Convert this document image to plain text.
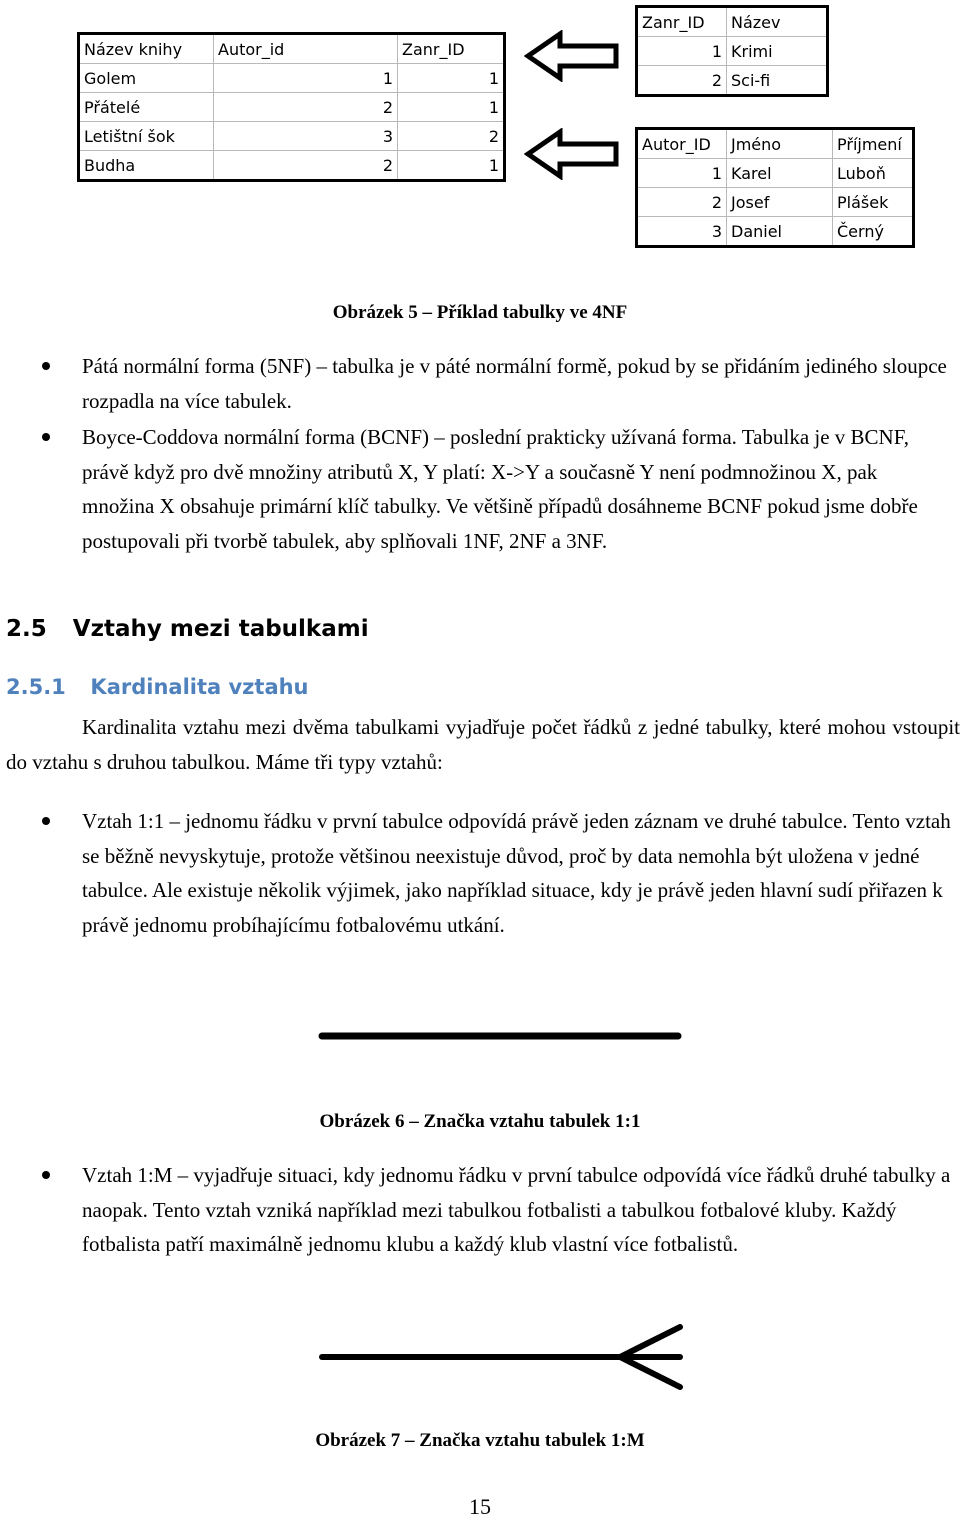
Název knihy	Autor_id	Zanr_ID
Golem	1	1
Přátelé	2	1
Letištní šok	3	2
Budha	2	1
Zanr_ID	Název
1	Krimi
2	Sci-fi
Autor_ID	Jméno	Příjmení
1	Karel	Luboň
2	Josef	Plášek
3	Daniel	Černý
Obrázek 5 – Příklad tabulky ve 4NF
Pátá normální forma (5NF) – tabulka je v páté normální formě, pokud by se přidáním jediného sloupce rozpadla na více tabulek.
Boyce-Coddova normální forma (BCNF) – poslední prakticky užívaná forma. Tabulka je v BCNF, právě když pro dvě množiny atributů X, Y platí: X->Y a současně Y není podmnožinou X, pak množina X obsahuje primární klíč tabulky. Ve většině případů dosáhneme BCNF pokud jsme dobře postupovali při tvorbě tabulek, aby splňovali 1NF, 2NF a 3NF.
2.5 Vztahy mezi tabulkami
2.5.1 Kardinalita vztahu
Kardinalita vztahu mezi dvěma tabulkami vyjadřuje počet řádků z jedné tabulky, které mohou vstoupit do vztahu s druhou tabulkou. Máme tři typy vztahů:
Vztah 1:1 – jednomu řádku v první tabulce odpovídá právě jeden záznam ve druhé tabulce. Tento vztah se běžně nevyskytuje, protože většinou neexistuje důvod, proč by data nemohla být uložena v jedné tabulce. Ale existuje několik výjimek, jako například situace, kdy je právě jeden hlavní sudí přiřazen k právě jednomu probíhajícímu fotbalovému utkání.
Obrázek 6 – Značka vztahu tabulek 1:1
Vztah 1:M – vyjadřuje situaci, kdy jednomu řádku v první tabulce odpovídá více řádků druhé tabulky a naopak. Tento vztah vzniká například mezi tabulkou fotbalisti a tabulkou fotbalové kluby. Každý fotbalista patří maximálně jednomu klubu a každý klub vlastní více fotbalistů.
Obrázek 7 – Značka vztahu tabulek 1:M
15
